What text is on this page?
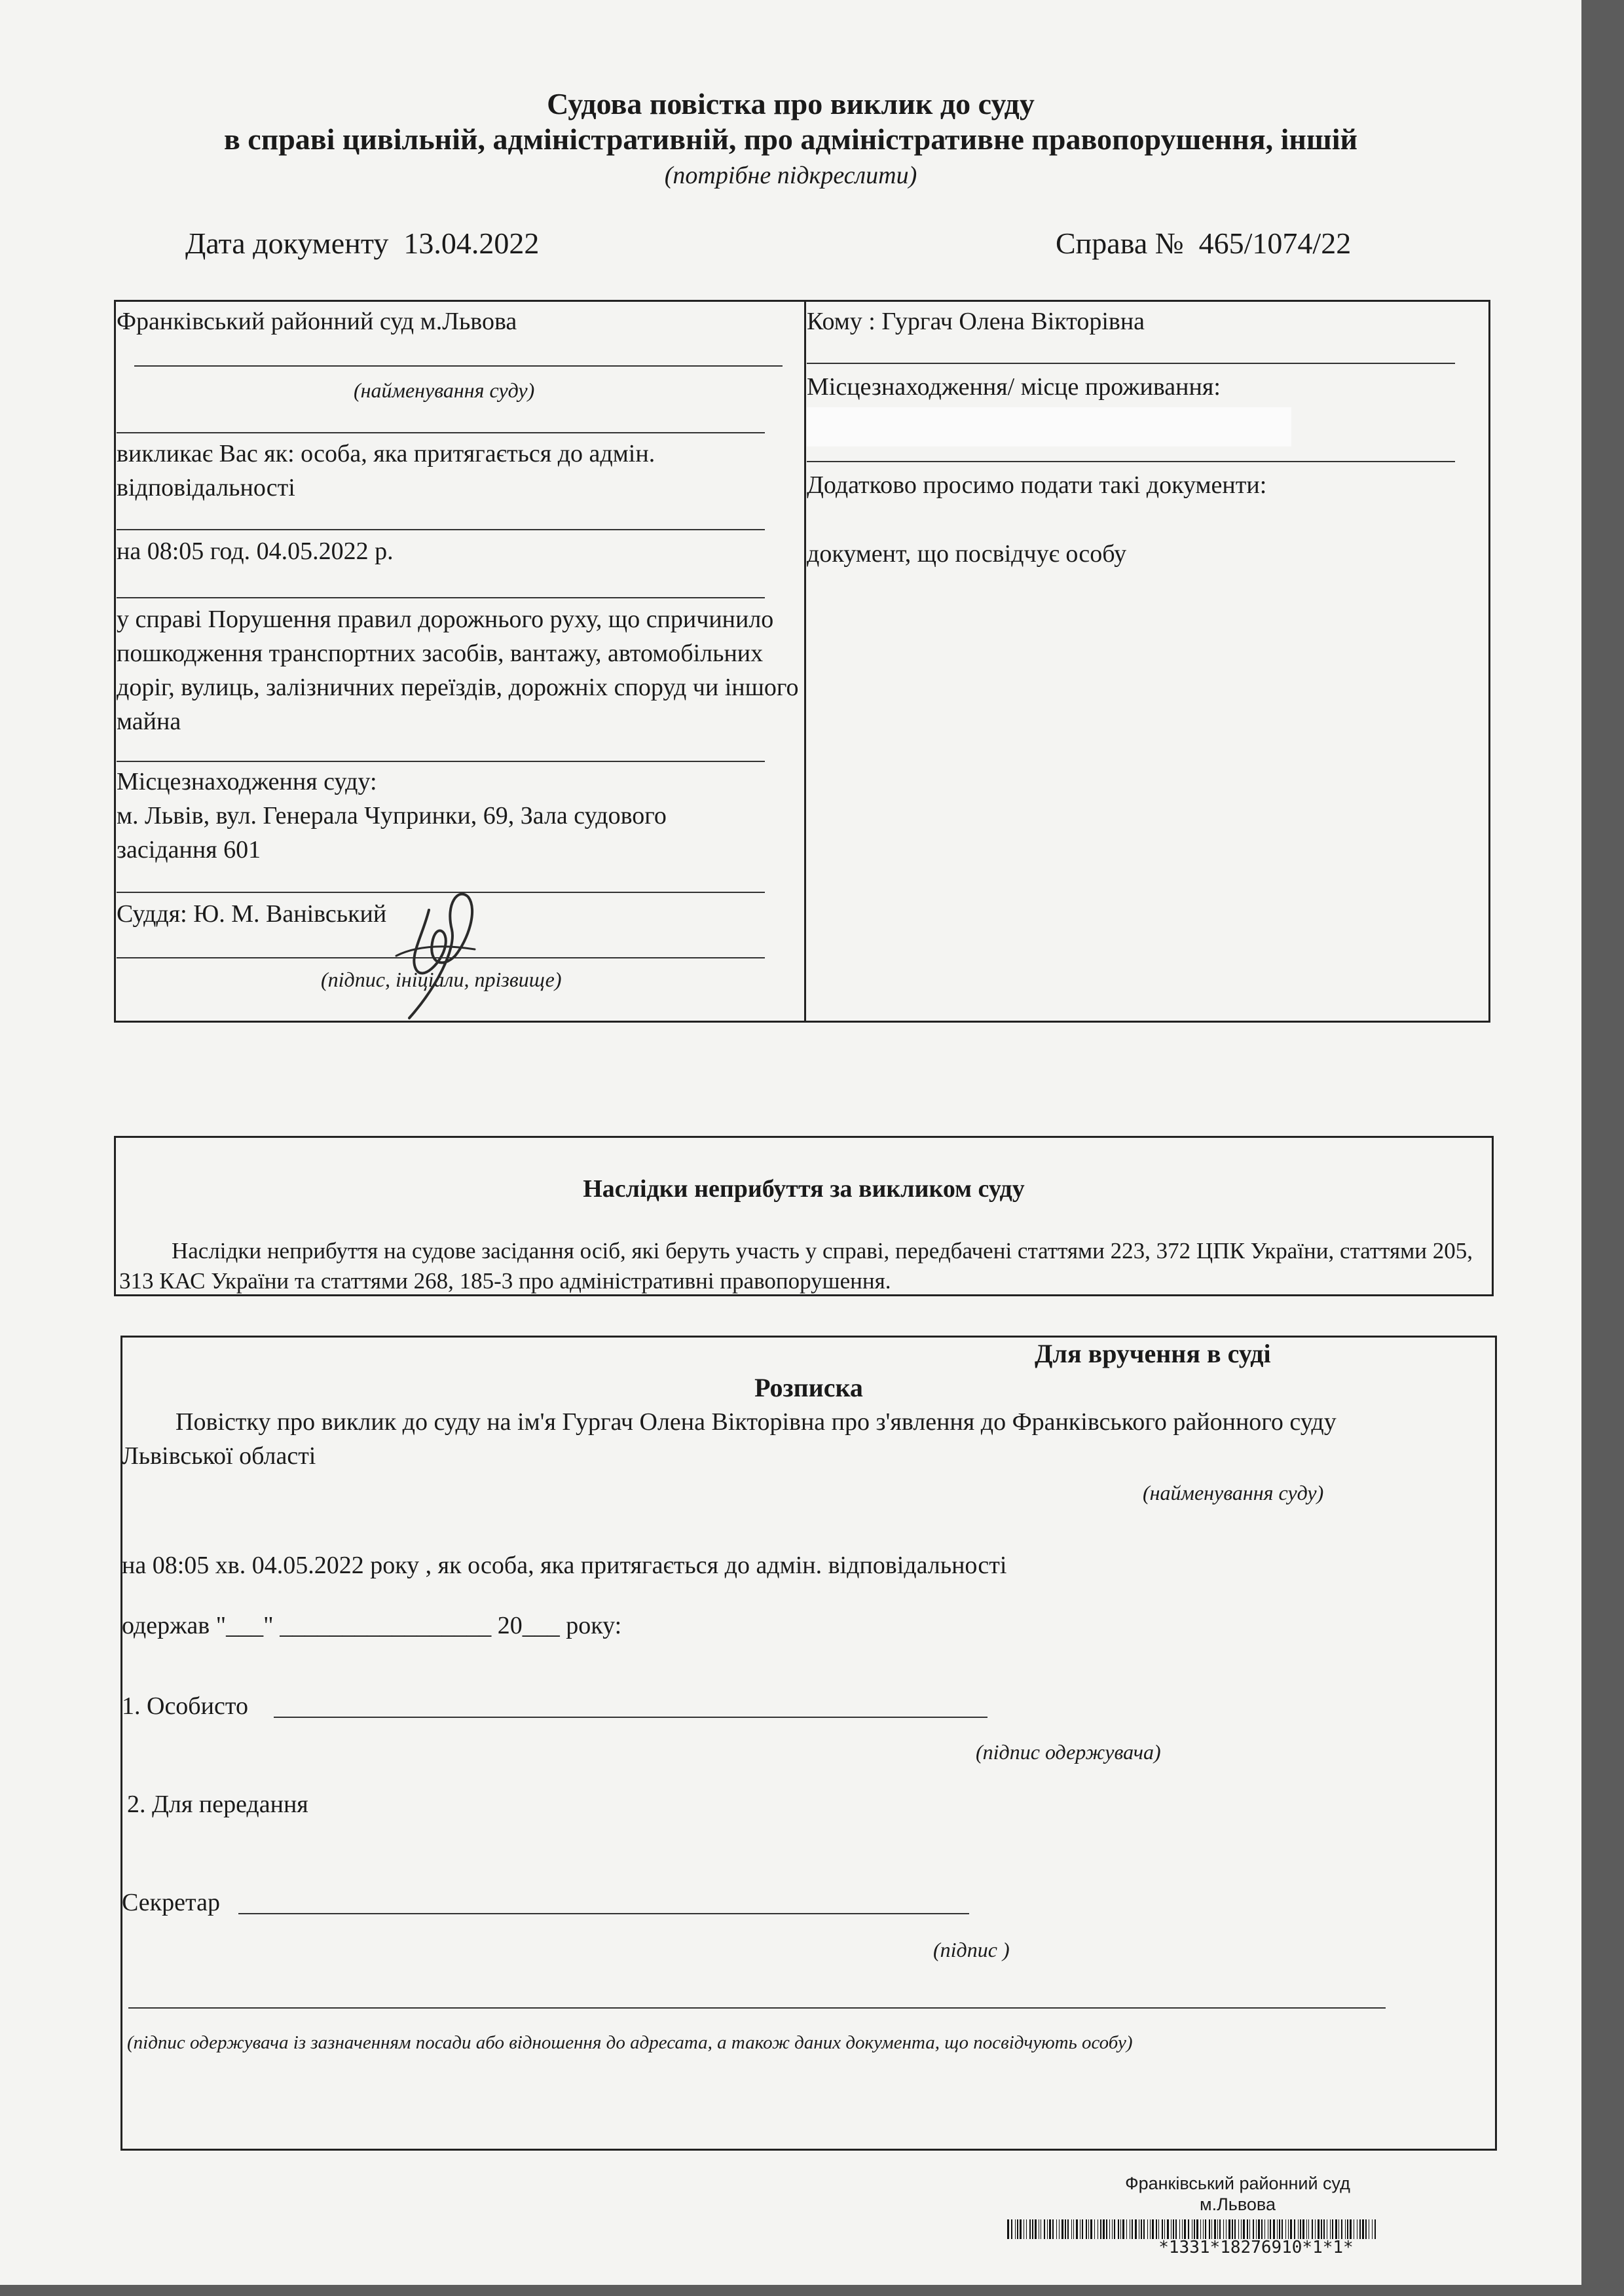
Судова повістка про виклик до суду
в справі цивільній, адміністративній, про адміністративне правопорушення, іншій
(потрібне підкреслити)
Дата документу 13.04.2022	Справа № 465/1074/22
Франківський районний суд м.Львова
(найменування суду)
викликає Вас як: особа, яка притягається до адмін. відповідальності
на 08:05 год. 04.05.2022 р.
у справі Порушення правил дорожнього руху, що спричинило пошкодження транспортних засобів, вантажу, автомобільних доріг, вулиць, залізничних переїздів, дорожніх споруд чи іншого майна
Місцезнаходження суду:
м. Львів, вул. Генерала Чупринки, 69, Зала судового засідання 601
Суддя: Ю. М. Ванівський
(підпис, ініціали, прізвище)
Кому : Гургач Олена Вікторівна
Місцезнаходження/ місце проживання:
Додатково просимо подати такі документи:
документ, що посвідчує особу
Наслідки неприбуття за викликом суду
Наслідки неприбуття на судове засідання осіб, які беруть участь у справі, передбачені статтями 223, 372 ЦПК України, статтями 205, 313 КАС України та статтями 268, 185-3 про адміністративні правопорушення.
Для вручення в суді
Розписка
Повістку про виклик до суду на ім'я Гургач Олена Вікторівна про з'явлення до Франківського районного суду
Львівської області
(найменування суду)
на 08:05 хв. 04.05.2022 року , як особа, яка притягається до адмін. відповідальності
одержав "___" _________________ 20___ року:
1. Особисто
(підпис одержувача)
2. Для передання
Секретар
(підпис )
(підпис одержувача із зазначенням посади або відношення до адресата, а також даних документа, що посвідчують особу)
Франківський районний суд
м.Львова
*1331*18276910*1*1*
